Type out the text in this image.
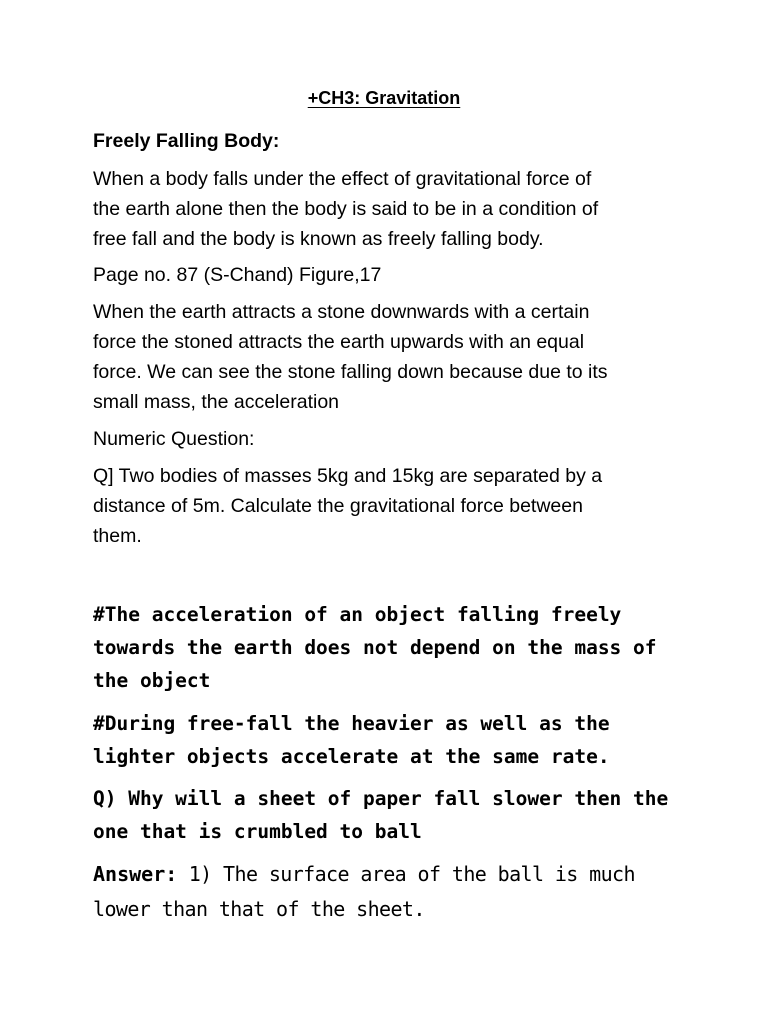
+CH3: Gravitation

Freely Falling Body:

When a body falls under the effect of gravitational force of
the earth alone then the body is said to be in a condition of
free fall and the body is known as freely falling body.

Page no. 87 (S-Chand) Figure,17

When the earth attracts a stone downwards with a certain
force the stoned attracts the earth upwards with an equal
force. We can see the stone falling down because due to its
small mass, the acceleration

Numeric Question:

Q] Two bodies of masses 5kg and 15kg are separated by a
distance of 5m. Calculate the gravitational force between
them.

#The acceleration of an object falling freely
towards the earth does not depend on the mass of
the object

#During free-fall the heavier as well as the
lighter objects accelerate at the same rate.

Q) Why will a sheet of paper fall slower then the
one that is crumbled to ball

Answer: 1) The surface area of the ball is much
lower than that of the sheet.
